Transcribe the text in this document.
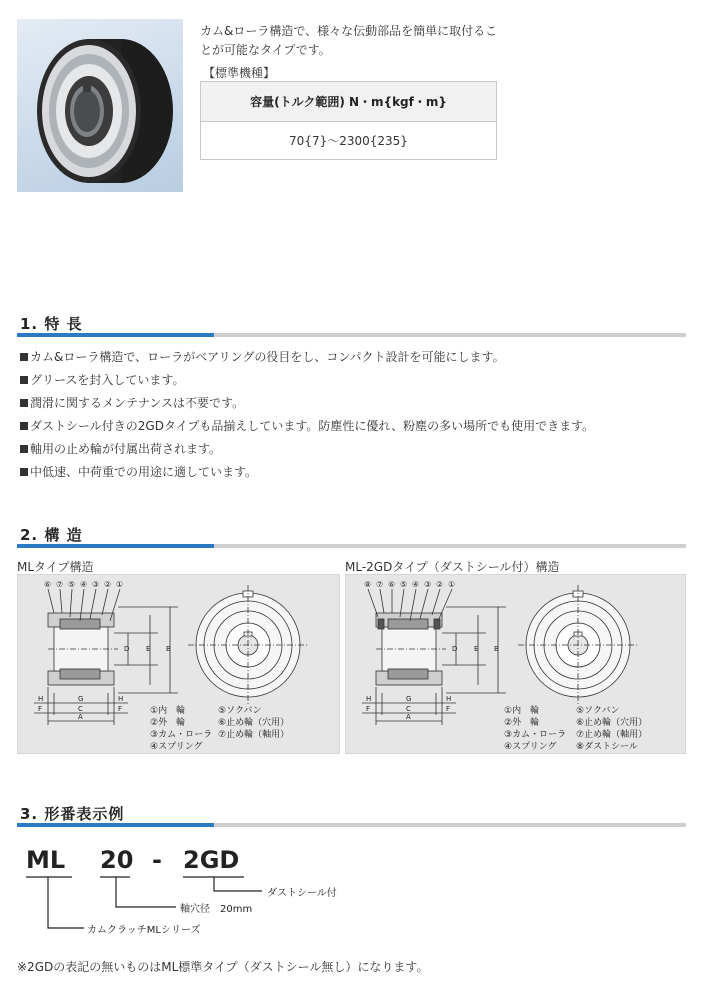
カム&ローラ構造で、様々な伝動部品を簡単に取付るこ
とが可能なタイプです。
【標準機種】
容量(トルク範囲) N・m{kgf・m}
70{7}〜2300{235}
1. 特 長
カム&ローラ構造で、ローラがベアリングの役目をし、コンパクト設計を可能にします。
グリースを封入しています。
潤滑に関するメンテナンスは不要です。
ダストシール付きの2GDタイプも品揃えしています。防塵性に優れ、粉塵の多い場所でも使用できます。
軸用の止め輪が付属出荷されます。
中低速、中荷重での用途に適しています。
2. 構 造
MLタイプ構造	ML-2GDタイプ（ダストシール付）構造
D E B
H
F
G
C
A
H
F
⑥ ⑦ ⑤ ④ ③ ② ①
①内　輪
②外　輪
③カム・ローラ
④スプリング
⑤ソクバン
⑥止め輪（穴用）
⑦止め輪（軸用）
D E B
H
F
G
C
A
H
F
⑧ ⑦ ⑥ ⑤ ④ ③ ② ①
①内　輪
②外　輪
③カム・ローラ
④スプリング
⑤ソクバン
⑥止め輪（穴用）
⑦止め輪（軸用）
⑧ダストシール
3. 形番表示例
ML 20 - 2GD
ダストシール付
軸穴径　20mm
カムクラッチMLシリーズ
※2GDの表記の無いものはML標準タイプ（ダストシール無し）になります。
